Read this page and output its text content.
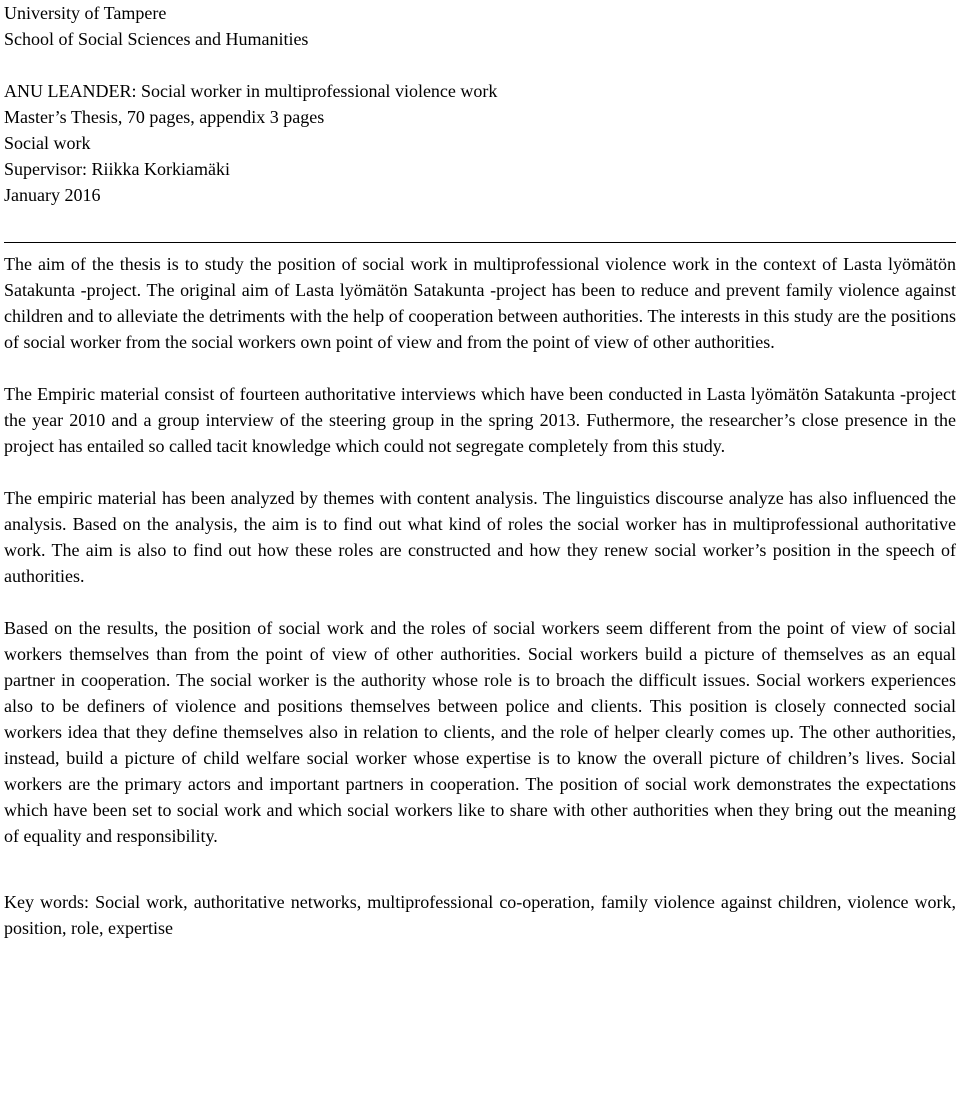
University of Tampere
School of Social Sciences and Humanities
ANU LEANDER: Social worker in multiprofessional violence work
Master’s Thesis, 70 pages, appendix 3 pages
Social work
Supervisor: Riikka Korkiamäki
January 2016

The aim of the thesis is to study the position of social work in multiprofessional violence work in the context of Lasta lyömätön Satakunta -project. The original aim of Lasta lyömätön Satakunta -project has been to reduce and prevent family violence against children and to alleviate the detriments with the help of cooperation between authorities. The interests in this study are the positions of social worker from the social workers own point of view and from the point of view of other authorities.

The Empiric material consist of fourteen authoritative interviews which have been conducted in Lasta lyömätön Satakunta -project the year 2010 and a group interview of the steering group in the spring 2013. Futhermore, the researcher’s close presence in the project has entailed so called tacit knowledge which could not segregate completely from this study.

The empiric material has been analyzed by themes with content analysis. The linguistics discourse analyze has also influenced the analysis. Based on the analysis, the aim is to find out what kind of roles the social worker has in multiprofessional authoritative work. The aim is also to find out how these roles are constructed and how they renew social worker’s position in the speech of authorities.

Based on the results, the position of social work and the roles of social workers seem different from the point of view of social workers themselves than from the point of view of other authorities. Social workers build a picture of themselves as an equal partner in cooperation. The social worker is the authority whose role is to broach the difficult issues. Social workers experiences also to be definers of violence and positions themselves between police and clients. This position is closely connected social workers idea that they define themselves also in relation to clients, and the role of helper clearly comes up. The other authorities, instead, build a picture of child welfare social worker whose expertise is to know the overall picture of children’s lives. Social workers are the primary actors and important partners in cooperation. The position of social work demonstrates the expectations which have been set to social work and which social workers like to share with other authorities when they bring out the meaning of equality and responsibility.

Key words: Social work, authoritative networks, multiprofessional co-operation, family violence against children, violence work, position, role, expertise
